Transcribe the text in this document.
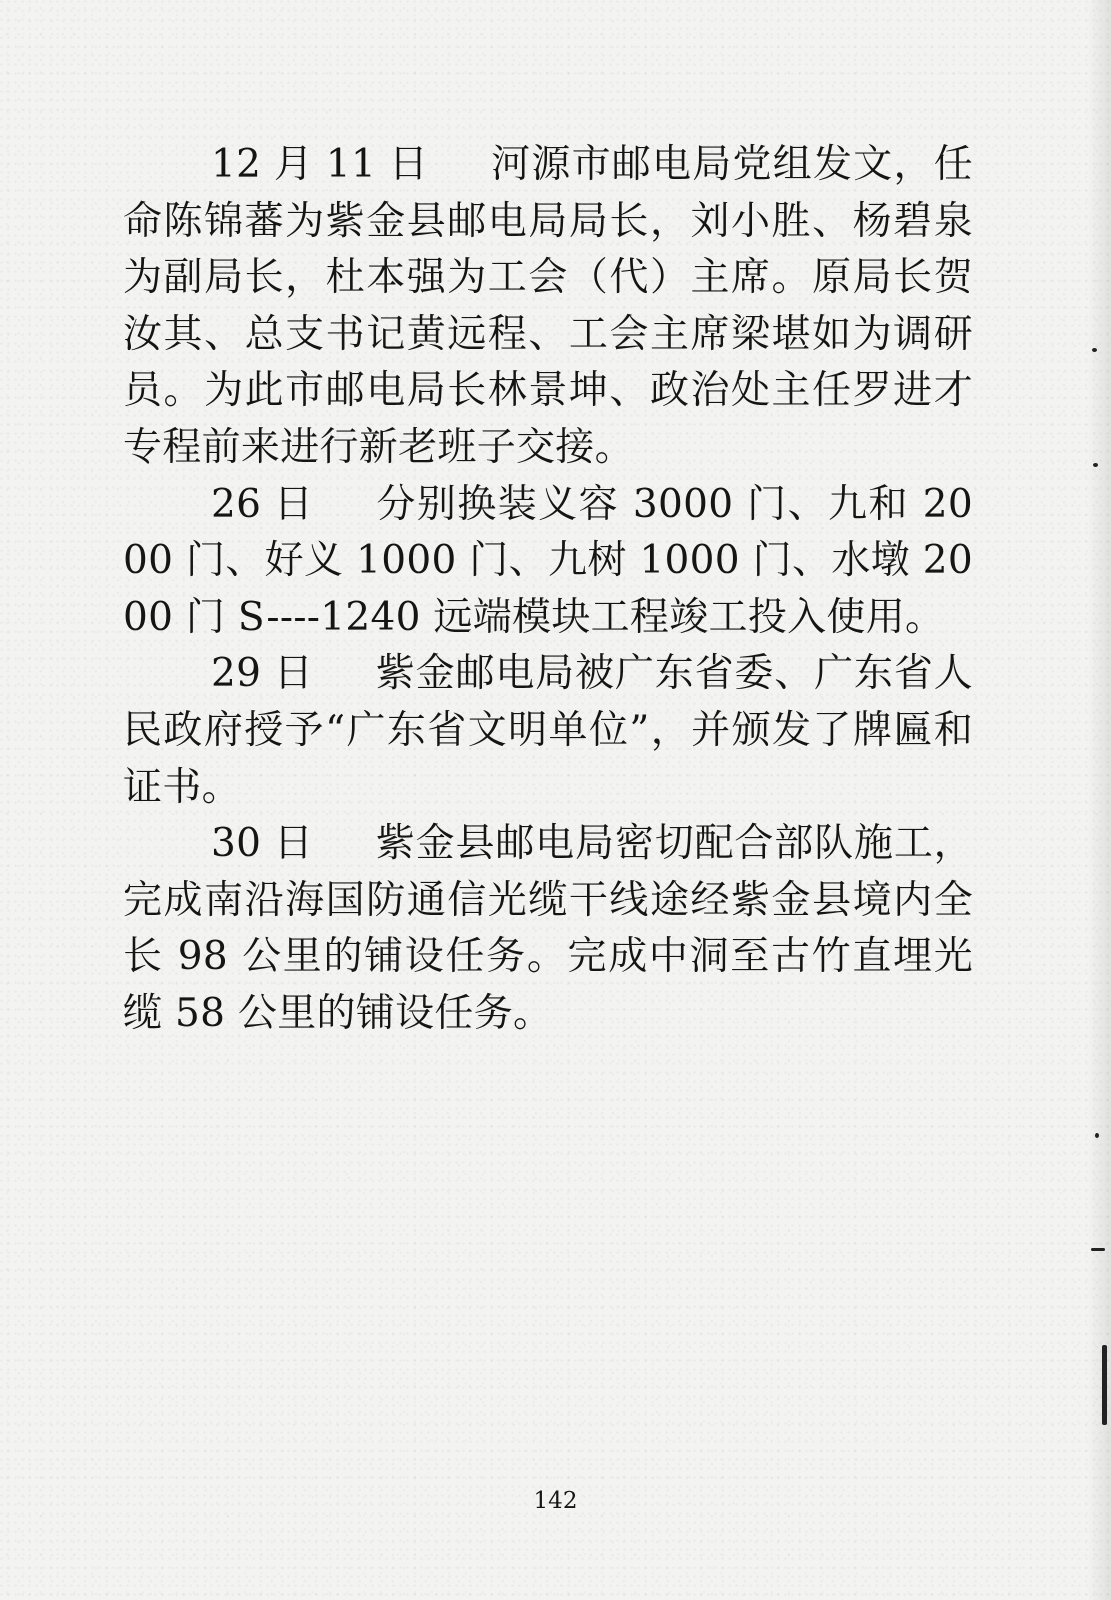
12 月 11 日 河源市邮电局党组发文，任命陈锦蕃为紫金县邮电局局长，刘小胜、杨碧泉为副局长，杜本强为工会（代）主席。原局长贺汝其、总支书记黄远程、工会主席梁堪如为调研员。为此市邮电局长林景坤、政治处主任罗进才专程前来进行新老班子交接。

26 日 分别换装义容 3000 门、九和 2000 门、好义 1000 门、九树 1000 门、水墩 2000 门 S----1240 远端模块工程竣工投入使用。

29 日 紫金邮电局被广东省委、广东省人民政府授予“广东省文明单位”，并颁发了牌匾和证书。

30 日 紫金县邮电局密切配合部队施工，完成南沿海国防通信光缆干线途经紫金县境内全长 98 公里的铺设任务。完成中洞至古竹直埋光缆 58 公里的铺设任务。

142
